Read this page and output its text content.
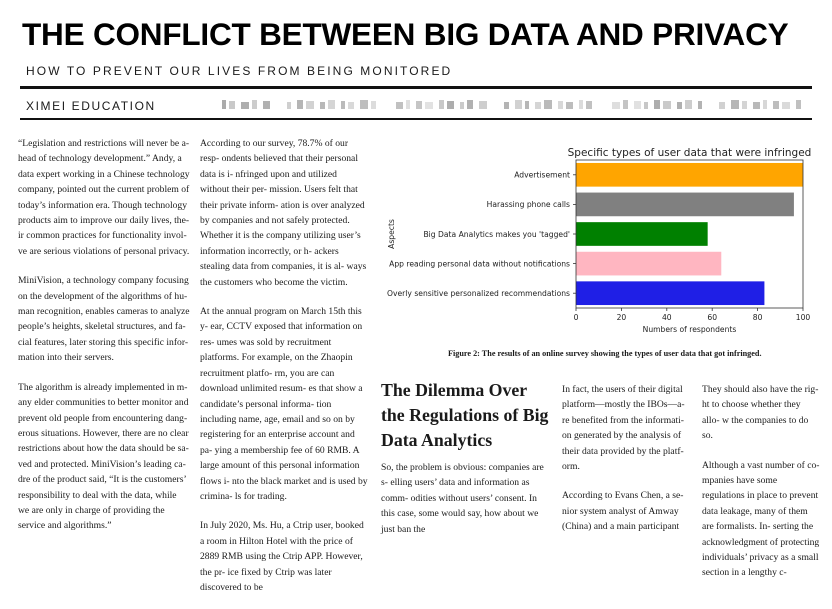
THE CONFLICT BETWEEN BIG DATA AND PRIVACY
HOW TO PREVENT OUR LIVES FROM BEING MONITORED
XIMEI EDUCATION

“Legislation and restrictions will never be a- head of technology development.” Andy, a data expert working in a Chinese technology company, pointed out the current problem of today’s information era. Though technology products aim to improve our daily lives, the- ir common practices for functionality invol- ve are serious violations of personal privacy.

MiniVision, a technology company focusing on the development of the algorithms of hu- man recognition, enables cameras to analyze people’s heights, skeletal structures, and fa- cial features, later storing this specific infor- mation into their servers.

The algorithm is already implemented in m- any elder communities to better monitor and prevent old people from encountering dang- erous situations. However, there are no clear restrictions about how the data should be sa- ved and protected. MiniVision’s leading ca- dre of the product said, “It is the customers’ responsibility to deal with the data, while we are only in charge of providing the service and algorithms.”

According to our survey, 78.7% of our resp- ondents believed that their personal data is i- nfringed upon and utilized without their per- mission. Users felt that their private inform- ation is over analyzed by companies and not safely protected. Whether it is the company utilizing user’s information incorrectly, or h- ackers stealing data from companies, it is al- ways the customers who become the victim.

At the annual program on March 15th this y- ear, CCTV exposed that information on res- umes was sold by recruitment platforms. For example, on the Zhaopin recruitment platfo- rm, you are can download unlimited resum- es that show a candidate’s personal informa- tion including name, age, email and so on by registering for an enterprise account and pa- ying a membership fee of 60 RMB. A large amount of this personal information flows i- nto the black market and is used by crimina- ls for trading.

In July 2020, Ms. Hu, a Ctrip user, booked a room in Hilton Hotel with the price of 2889 RMB using the Ctrip APP. However, the pr- ice fixed by Ctrip was later discovered to be

Specific types of user data that were infringed
Advertisement
Harassing phone calls
Big Data Analytics makes you 'tagged'
App reading personal data without notifications
Overly sensitive personalized recommendations
0	20	40	60	80	100
Numbers of respondents
Aspects
Figure 2: The results of an online survey showing the types of user data that got infringed.
The Dilemma Over the Regulations of Big Data Analytics

So, the problem is obvious: companies are s- elling users’ data and information as comm- odities without users’ consent. In this case, some would say, how about we just ban the

In fact, the users of their digital platform—mostly the IBOs—a- re benefited from the informati- on generated by the analysis of their data provided by the platf- orm.

According to Evans Chen, a se- nior system analyst of Amway (China) and a main participant

They should also have the rig- ht to choose whether they allo- w the companies to do so.

Although a vast number of co- mpanies have some regulations in place to prevent data leakage, many of them are formalists. In- serting the acknowledgment of protecting individuals’ privacy as a small section in a lengthy c-
